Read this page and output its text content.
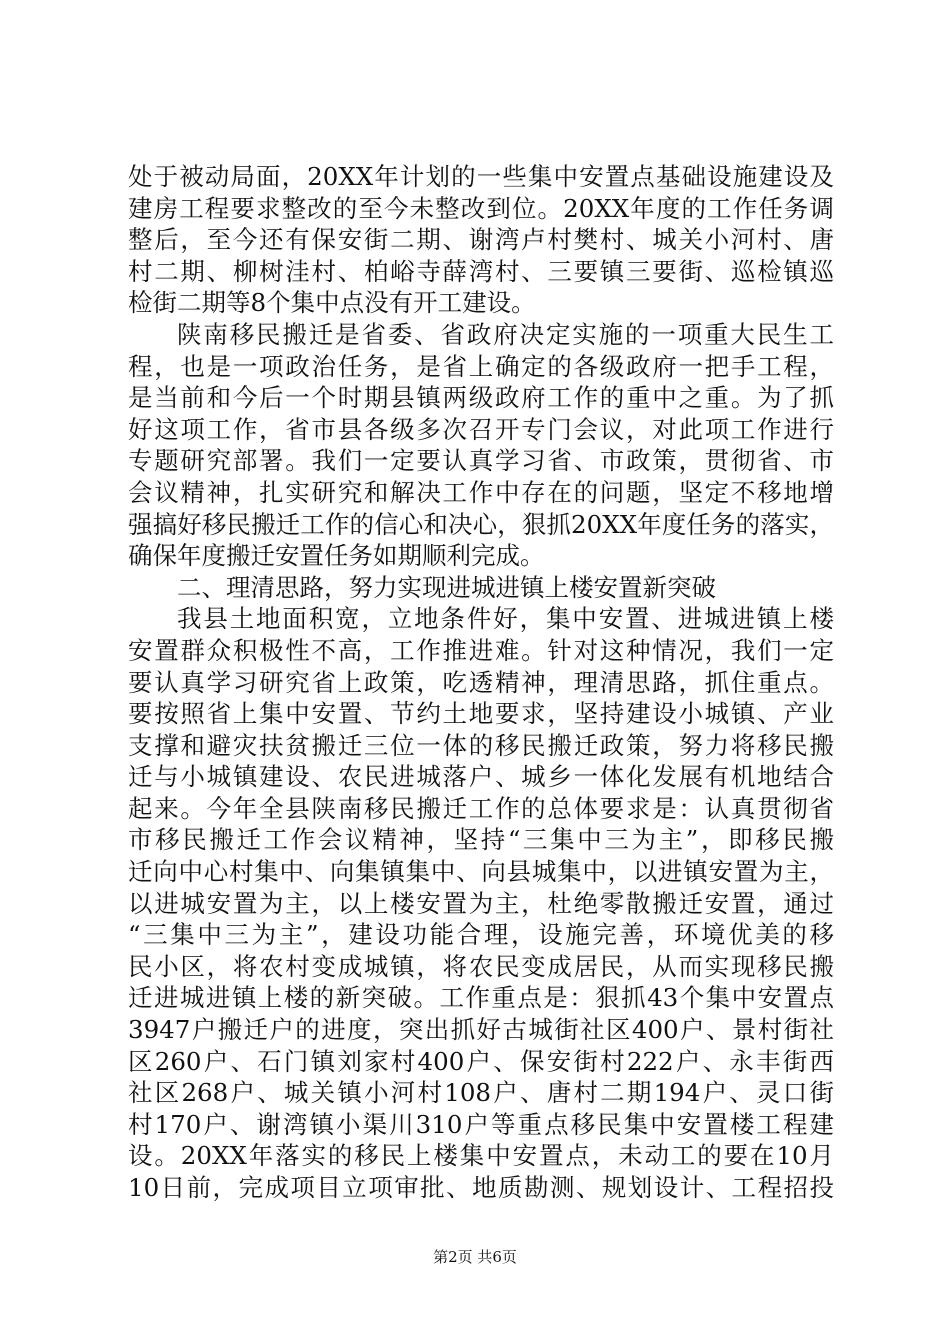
处于被动局面，20XX年计划的一些集中安置点基础设施建设及
建房工程要求整改的至今未整改到位。20XX年度的工作任务调
整后，至今还有保安街二期、谢湾卢村樊村、城关小河村、唐
村二期、柳树洼村、柏峪寺薛湾村、三要镇三要街、巡检镇巡
检街二期等8个集中点没有开工建设。
陕南移民搬迁是省委、省政府决定实施的一项重大民生工
程，也是一项政治任务，是省上确定的各级政府一把手工程，
是当前和今后一个时期县镇两级政府工作的重中之重。为了抓
好这项工作，省市县各级多次召开专门会议，对此项工作进行
专题研究部署。我们一定要认真学习省、市政策，贯彻省、市
会议精神，扎实研究和解决工作中存在的问题，坚定不移地增
强搞好移民搬迁工作的信心和决心，狠抓20XX年度任务的落实，
确保年度搬迁安置任务如期顺利完成。
二、理清思路，努力实现进城进镇上楼安置新突破
我县土地面积宽，立地条件好，集中安置、进城进镇上楼
安置群众积极性不高，工作推进难。针对这种情况，我们一定
要认真学习研究省上政策，吃透精神，理清思路，抓住重点。
要按照省上集中安置、节约土地要求，坚持建设小城镇、产业
支撑和避灾扶贫搬迁三位一体的移民搬迁政策，努力将移民搬
迁与小城镇建设、农民进城落户、城乡一体化发展有机地结合
起来。今年全县陕南移民搬迁工作的总体要求是：认真贯彻省
市移民搬迁工作会议精神，坚持“三集中三为主”，即移民搬
迁向中心村集中、向集镇集中、向县城集中，以进镇安置为主，
以进城安置为主，以上楼安置为主，杜绝零散搬迁安置，通过
“三集中三为主”，建设功能合理，设施完善，环境优美的移
民小区，将农村变成城镇，将农民变成居民，从而实现移民搬
迁进城进镇上楼的新突破。工作重点是：狠抓43个集中安置点
3947户搬迁户的进度，突出抓好古城街社区400户、景村街社
区260户、石门镇刘家村400户、保安街村222户、永丰街西
社区268户、城关镇小河村108户、唐村二期194户、灵口街
村170户、谢湾镇小渠川310户等重点移民集中安置楼工程建
设。20XX年落实的移民上楼集中安置点，未动工的要在10月
10日前，完成项目立项审批、地质勘测、规划设计、工程招投
第2页 共6页
